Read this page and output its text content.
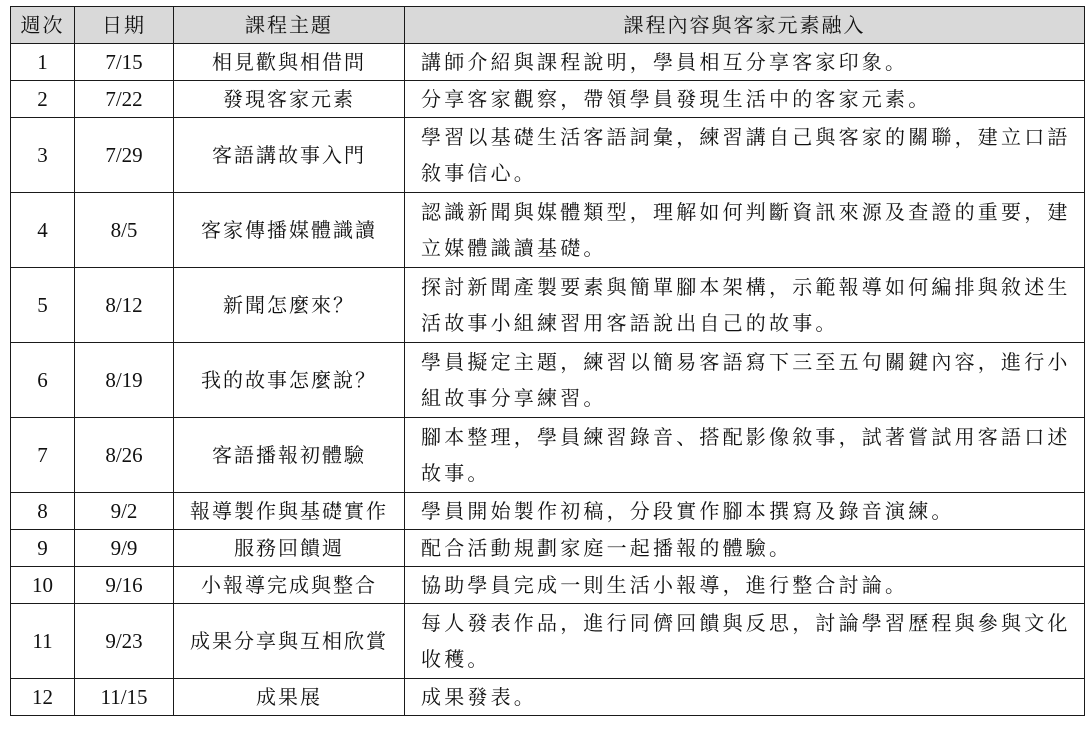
週次	日期	課程主題	課程內容與客家元素融入
1	7/15	相見歡與相借問	講師介紹與課程說明，學員相互分享客家印象。
2	7/22	發現客家元素	分享客家觀察，帶領學員發現生活中的客家元素。
3	7/29	客語講故事入門	學習以基礎生活客語詞彙，練習講自己與客家的關聯，建立口語敘事信心。
4	8/5	客家傳播媒體識讀	認識新聞與媒體類型，理解如何判斷資訊來源及查證的重要，建立媒體識讀基礎。
5	8/12	新聞怎麼來？	探討新聞產製要素與簡單腳本架構，示範報導如何編排與敘述生活故事小組練習用客語說出自己的故事。
6	8/19	我的故事怎麼說？	學員擬定主題，練習以簡易客語寫下三至五句關鍵內容，進行小組故事分享練習。
7	8/26	客語播報初體驗	腳本整理，學員練習錄音、搭配影像敘事，試著嘗試用客語口述故事。
8	9/2	報導製作與基礎實作	學員開始製作初稿，分段實作腳本撰寫及錄音演練。
9	9/9	服務回饋週	配合活動規劃家庭一起播報的體驗。
10	9/16	小報導完成與整合	協助學員完成一則生活小報導，進行整合討論。
11	9/23	成果分享與互相欣賞	每人發表作品，進行同儕回饋與反思，討論學習歷程與參與文化收穫。
12	11/15	成果展	成果發表。
